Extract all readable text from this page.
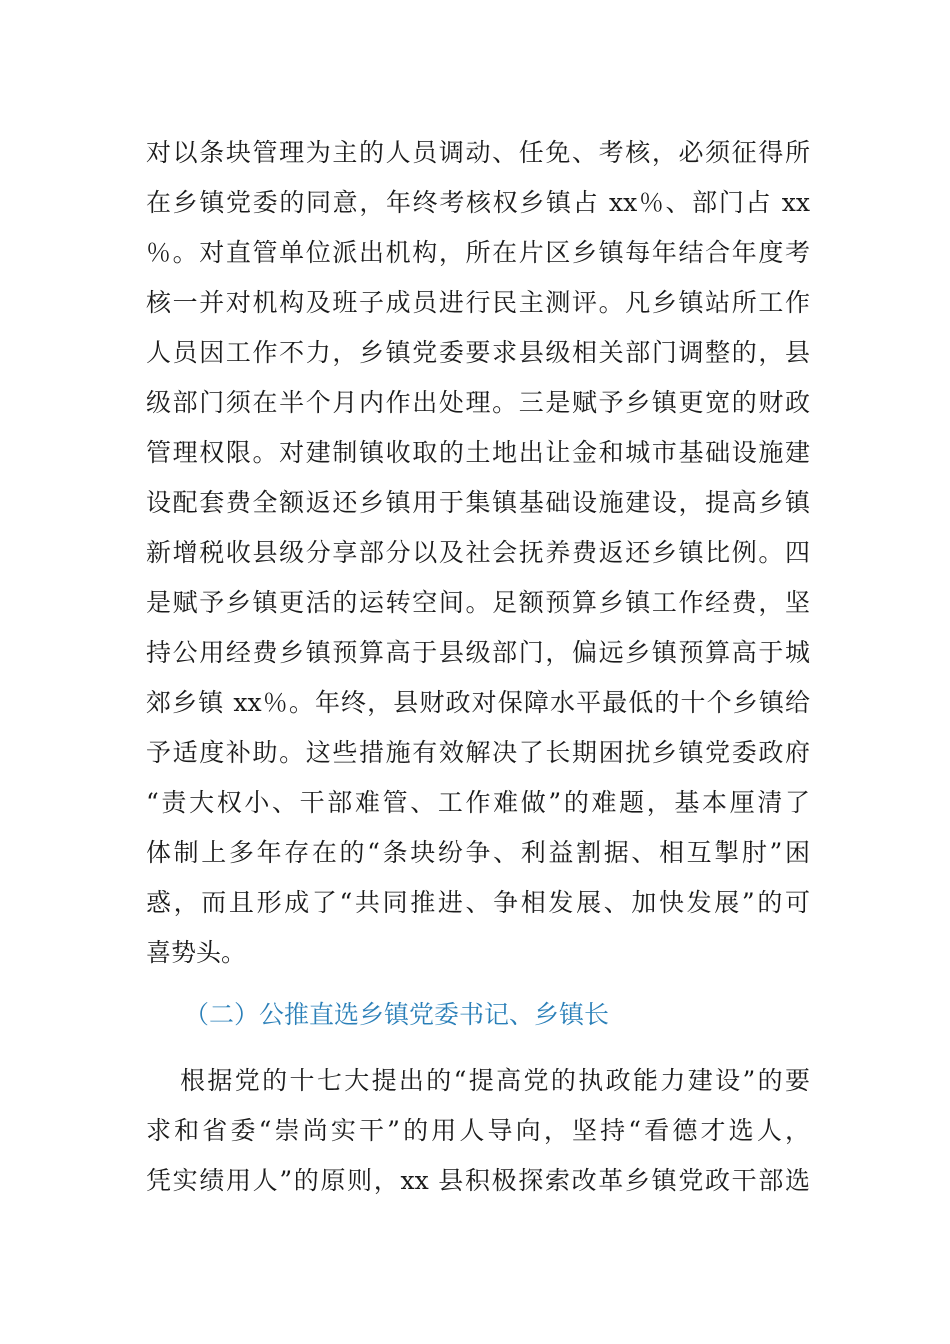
对以条块管理为主的人员调动、任免、考核，必须征得所
在乡镇党委的同意，年终考核权乡镇占 xx％、部门占 xx
％。对直管单位派出机构，所在片区乡镇每年结合年度考
核一并对机构及班子成员进行民主测评。凡乡镇站所工作
人员因工作不力，乡镇党委要求县级相关部门调整的，县
级部门须在半个月内作出处理。三是赋予乡镇更宽的财政
管理权限。对建制镇收取的土地出让金和城市基础设施建
设配套费全额返还乡镇用于集镇基础设施建设，提高乡镇
新增税收县级分享部分以及社会抚养费返还乡镇比例。四
是赋予乡镇更活的运转空间。足额预算乡镇工作经费，坚
持公用经费乡镇预算高于县级部门，偏远乡镇预算高于城
郊乡镇 xx％。年终，县财政对保障水平最低的十个乡镇给
予适度补助。这些措施有效解决了长期困扰乡镇党委政府
“责大权小、干部难管、工作难做”的难题，基本厘清了
体制上多年存在的“条块纷争、利益割据、相互掣肘”困
惑，而且形成了“共同推进、争相发展、加快发展”的可
喜势头。
（二）公推直选乡镇党委书记、乡镇长
根据党的十七大提出的“提高党的执政能力建设”的要
求和省委“崇尚实干”的用人导向，坚持“看德才选人，
凭实绩用人”的原则，xx 县积极探索改革乡镇党政干部选
